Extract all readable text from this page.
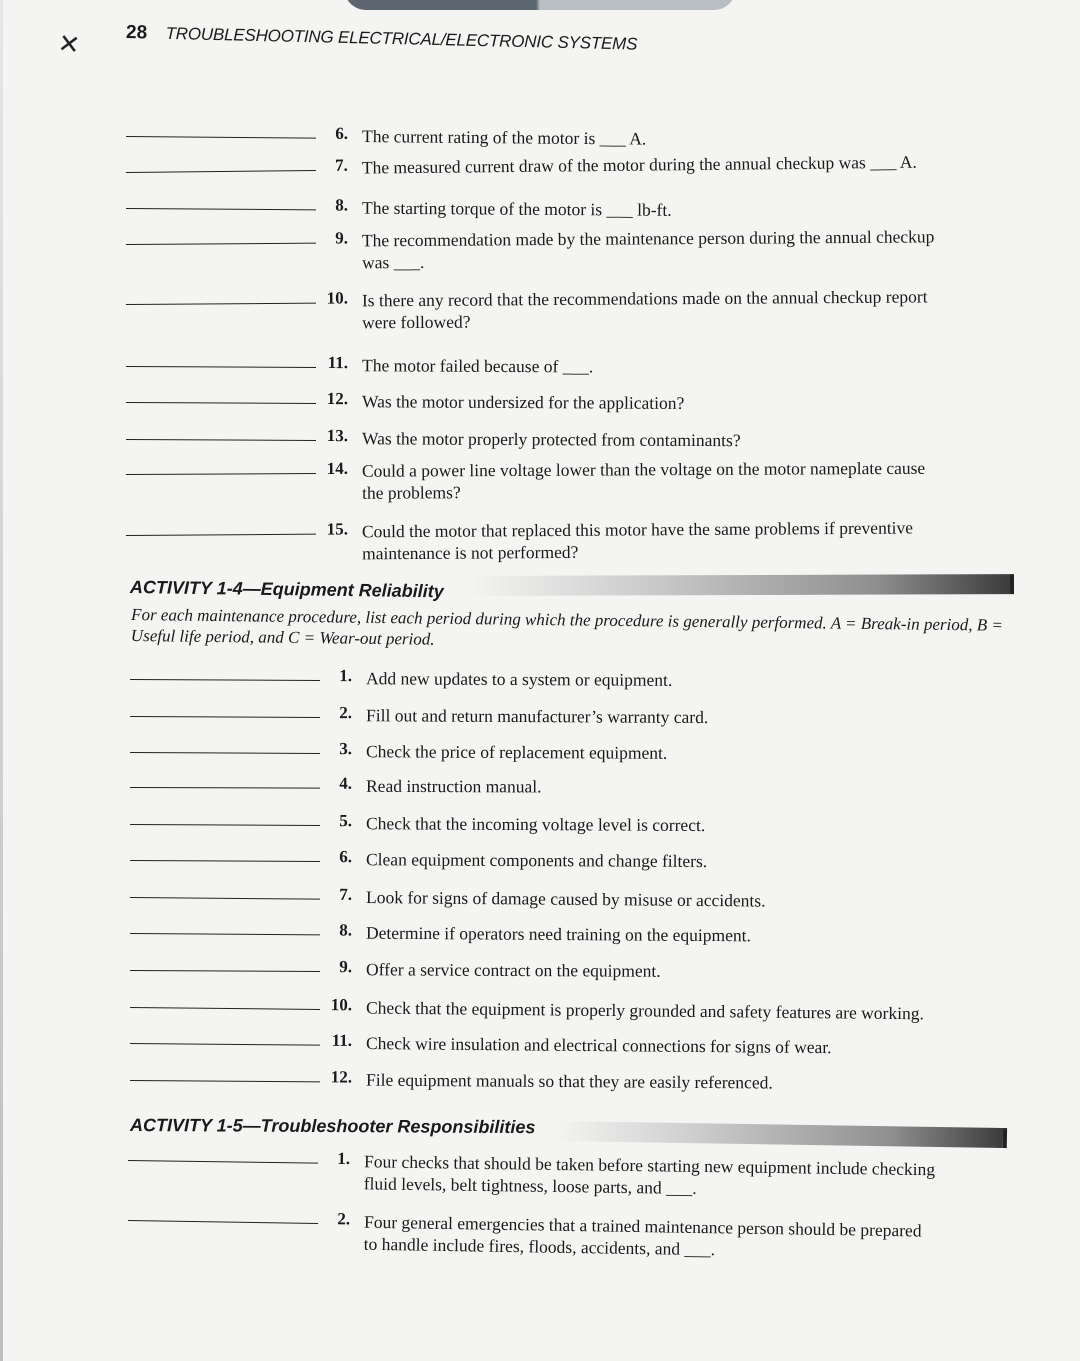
✕ 28 TROUBLESHOOTING ELECTRICAL/ELECTRONIC SYSTEMS
6. The current rating of the motor is ___ A.
7. The measured current draw of the motor during the annual checkup was ___ A.
8. The starting torque of the motor is ___ lb-ft.
9. The recommendation made by the maintenance person during the annual checkup
was ___.
10. Is there any record that the recommendations made on the annual checkup report
were followed?
11. The motor failed because of ___.
12. Was the motor undersized for the application?
13. Was the motor properly protected from contaminants?
14. Could a power line voltage lower than the voltage on the motor nameplate cause
the problems?
15. Could the motor that replaced this motor have the same problems if preventive
maintenance is not performed?
ACTIVITY 1-4—Equipment Reliability
For each maintenance procedure, list each period during which the procedure is generally performed. A = Break-in period, B = Useful life period, and C = Wear-out period.
1. Add new updates to a system or equipment.
2. Fill out and return manufacturer’s warranty card.
3. Check the price of replacement equipment.
4. Read instruction manual.
5. Check that the incoming voltage level is correct.
6. Clean equipment components and change filters.
7. Look for signs of damage caused by misuse or accidents.
8. Determine if operators need training on the equipment.
9. Offer a service contract on the equipment.
10. Check that the equipment is properly grounded and safety features are working.
11. Check wire insulation and electrical connections for signs of wear.
12. File equipment manuals so that they are easily referenced.
ACTIVITY 1-5—Troubleshooter Responsibilities
1. Four checks that should be taken before starting new equipment include checking
fluid levels, belt tightness, loose parts, and ___.
2. Four general emergencies that a trained maintenance person should be prepared
to handle include fires, floods, accidents, and ___.
